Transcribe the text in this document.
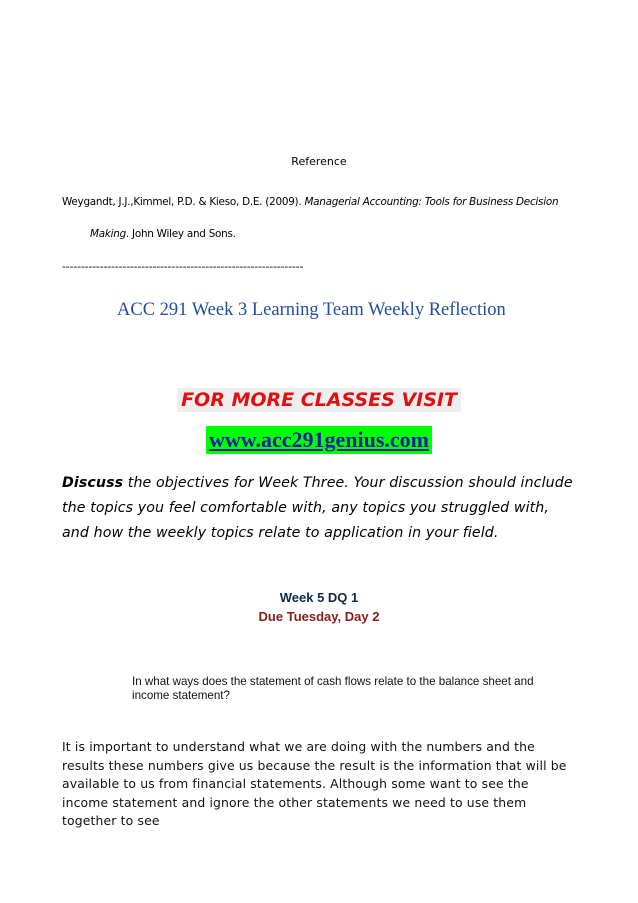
Reference
Weygandt, J.J.,Kimmel, P.D. & Kieso, D.E. (2009). Managerial Accounting: Tools for Business Decision
Making. John Wiley and Sons.
----------------------------------------------------------------
ACC 291 Week 3 Learning Team Weekly Reflection
FOR MORE CLASSES VISIT
www.acc291genius.com
Discuss the objectives for Week Three. Your discussion should include the topics you feel comfortable with, any topics you struggled with, and how the weekly topics relate to application in your field.
Week 5 DQ 1
Due Tuesday, Day 2
In what ways does the statement of cash flows relate to the balance sheet and income statement?
It is important to understand what we are doing with the numbers and the results these numbers give us because the result is the information that will be available to us from financial statements. Although some want to see the income statement and ignore the other statements we need to use them together to see
